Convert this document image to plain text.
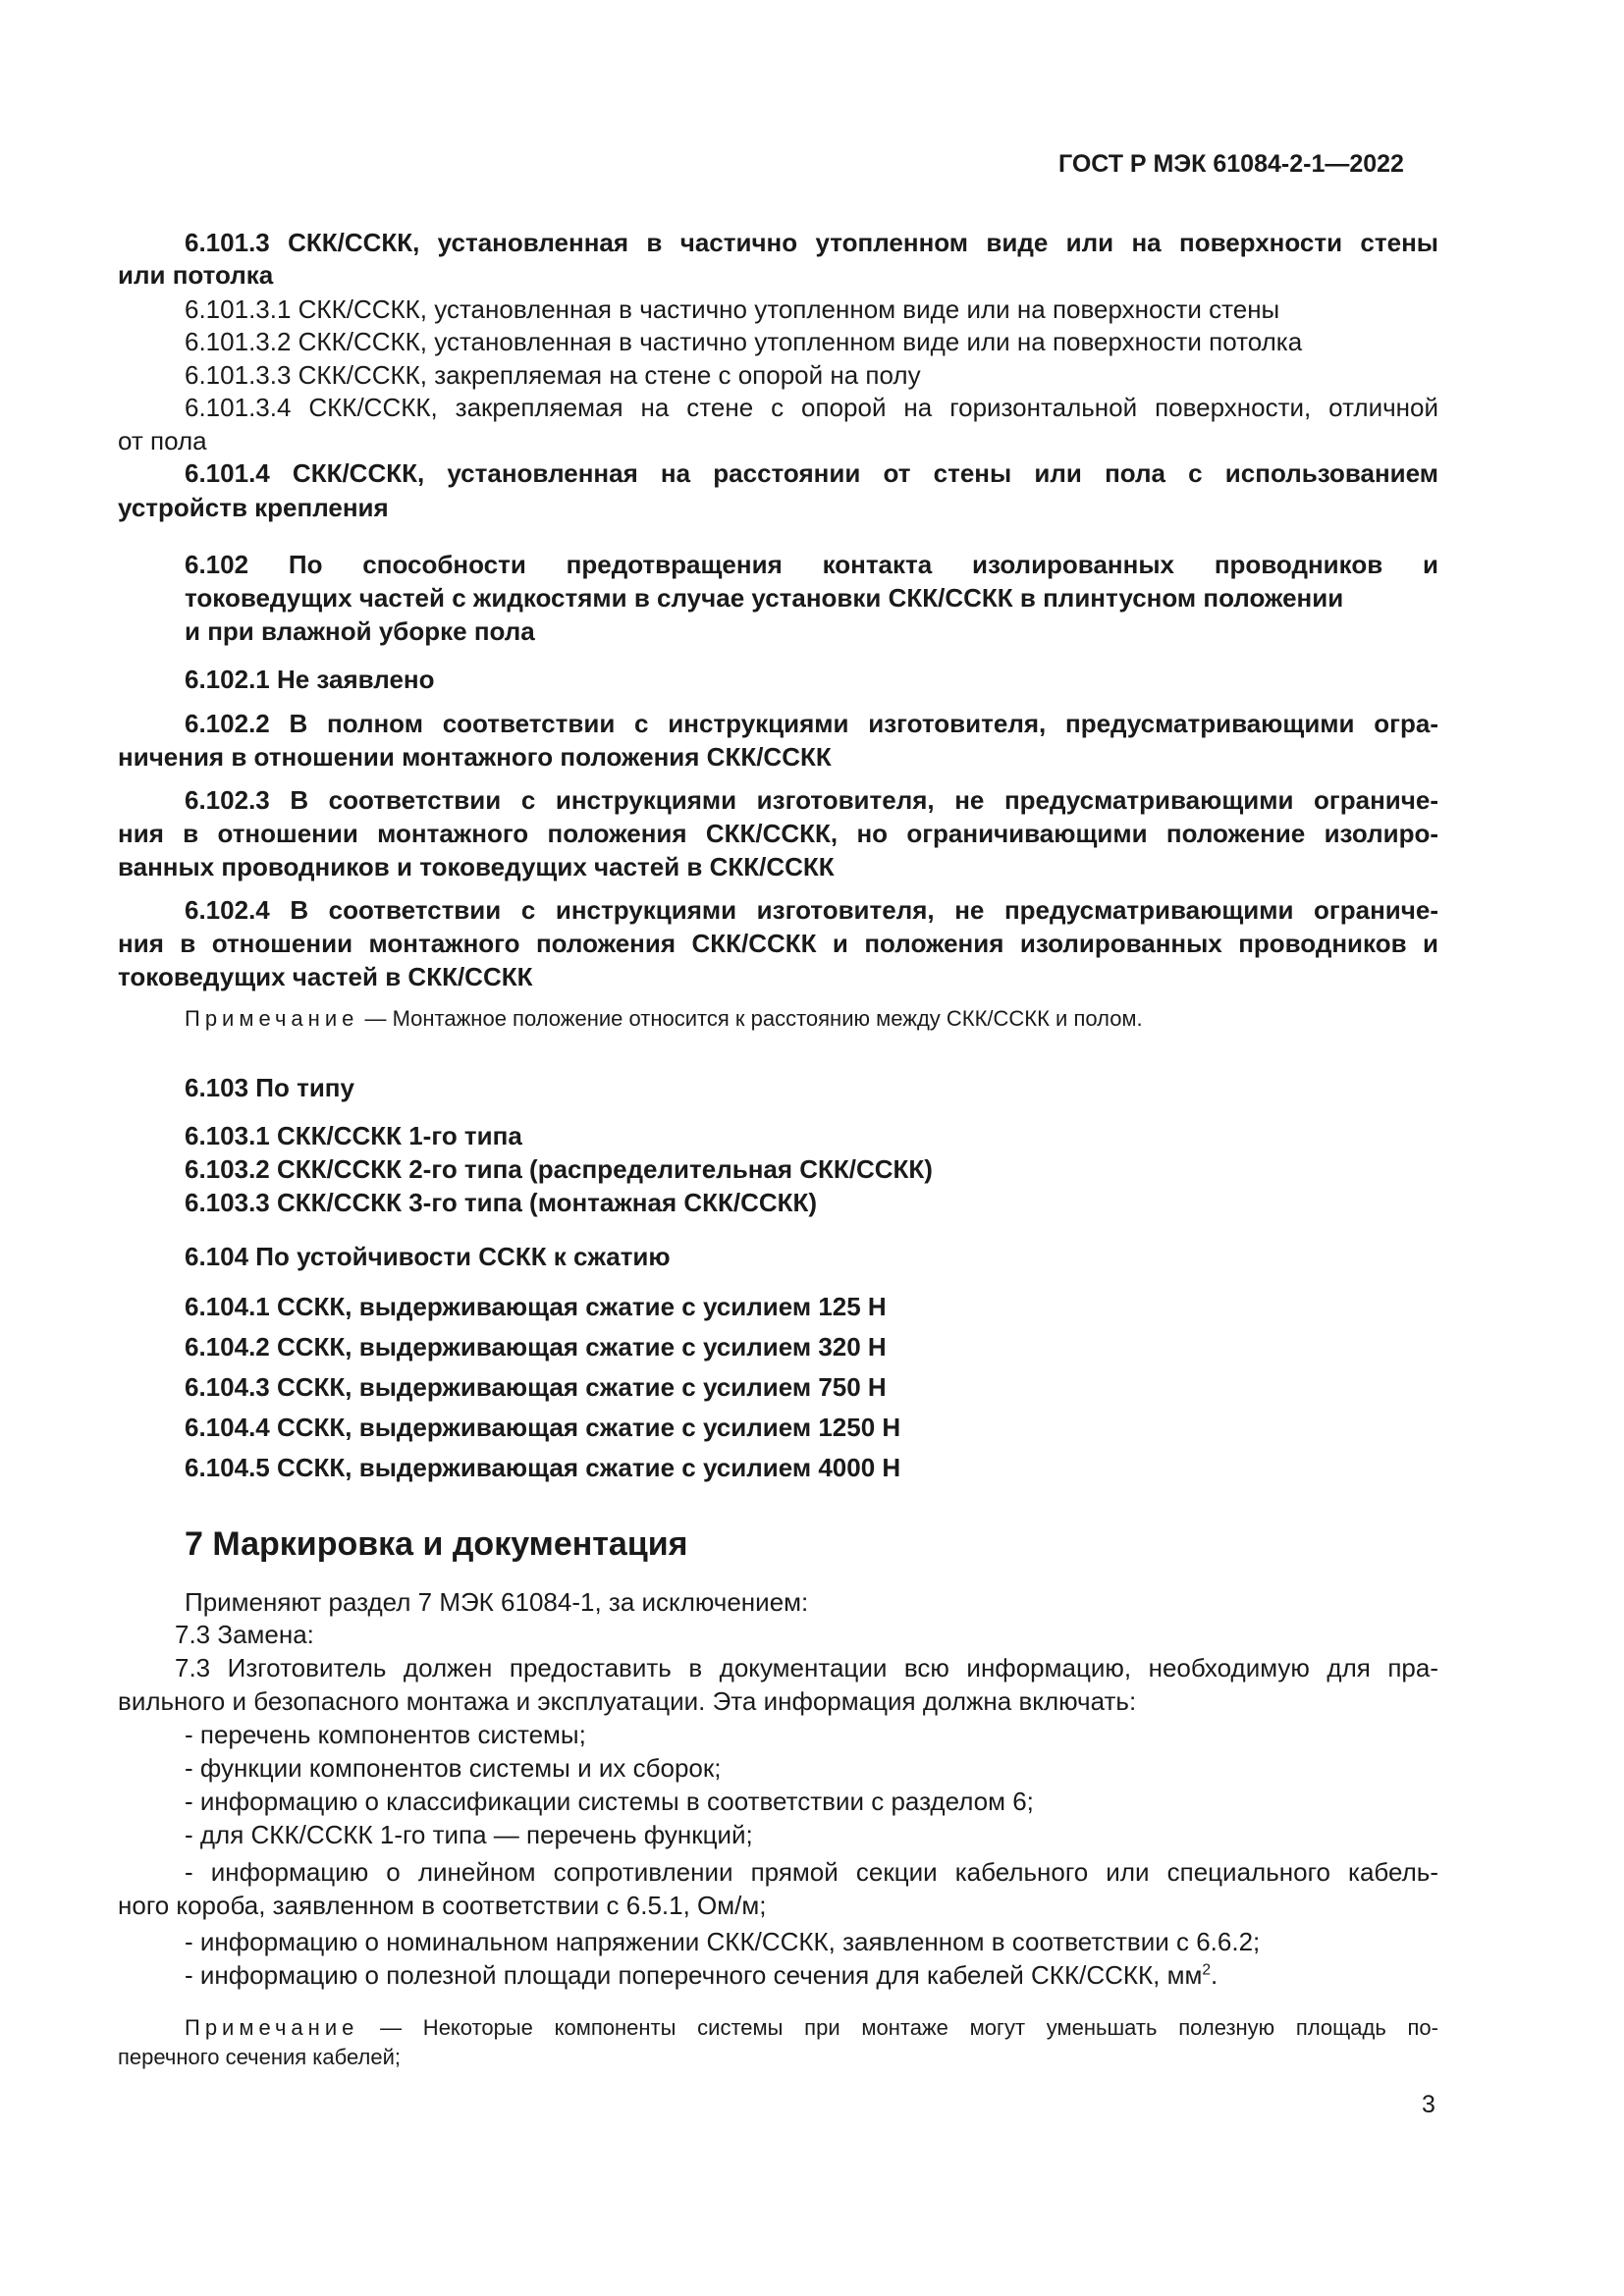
ГОСТ Р МЭК 61084-2-1—2022
6.101.3 СКК/ССКК, установленная в частично утопленном виде или на поверхности стены
или потолка
6.101.3.1 СКК/ССКК, установленная в частично утопленном виде или на поверхности стены
6.101.3.2 СКК/ССКК, установленная в частично утопленном виде или на поверхности потолка
6.101.3.3 СКК/ССКК, закрепляемая на стене с опорой на полу
6.101.3.4 СКК/ССКК, закрепляемая на стене с опорой на горизонтальной поверхности, отличной
от пола
6.101.4 СКК/ССКК, установленная на расстоянии от стены или пола с использованием
устройств крепления
6.102 По способности предотвращения контакта изолированных проводников и
токоведущих частей с жидкостями в случае установки СКК/ССКК в плинтусном положении
и при влажной уборке пола
6.102.1 Не заявлено
6.102.2 В полном соответствии с инструкциями изготовителя, предусматривающими огра-
ничения в отношении монтажного положения СКК/ССКК
6.102.3 В соответствии с инструкциями изготовителя, не предусматривающими ограниче-
ния в отношении монтажного положения СКК/ССКК, но ограничивающими положение изолиро-
ванных проводников и токоведущих частей в СКК/ССКК
6.102.4 В соответствии с инструкциями изготовителя, не предусматривающими ограниче-
ния в отношении монтажного положения СКК/ССКК и положения изолированных проводников и
токоведущих частей в СКК/ССКК
Примечание — Монтажное положение относится к расстоянию между СКК/ССКК и полом.
6.103 По типу
6.103.1 СКК/ССКК 1-го типа
6.103.2 СКК/ССКК 2-го типа (распределительная СКК/ССКК)
6.103.3 СКК/ССКК 3-го типа (монтажная СКК/ССКК)
6.104 По устойчивости ССКК к сжатию
6.104.1 ССКК, выдерживающая сжатие с усилием 125 Н
6.104.2 ССКК, выдерживающая сжатие с усилием 320 Н
6.104.3 ССКК, выдерживающая сжатие с усилием 750 Н
6.104.4 ССКК, выдерживающая сжатие с усилием 1250 Н
6.104.5 ССКК, выдерживающая сжатие с усилием 4000 Н
7 Маркировка и документация
Применяют раздел 7 МЭК 61084-1, за исключением:
7.3 Замена:
7.3 Изготовитель должен предоставить в документации всю информацию, необходимую для пра-
вильного и безопасного монтажа и эксплуатации. Эта информация должна включать:
- перечень компонентов системы;
- функции компонентов системы и их сборок;
- информацию о классификации системы в соответствии с разделом 6;
- для СКК/ССКК 1-го типа — перечень функций;
- информацию о линейном сопротивлении прямой секции кабельного или специального кабель-
ного короба, заявленном в соответствии с 6.5.1, Ом/м;
- информацию о номинальном напряжении СКК/ССКК, заявленном в соответствии с 6.6.2;
- информацию о полезной площади поперечного сечения для кабелей СКК/ССКК, $мм^2$.
Примечание — Некоторые компоненты системы при монтаже могут уменьшать полезную площадь по-
перечного сечения кабелей;
3
